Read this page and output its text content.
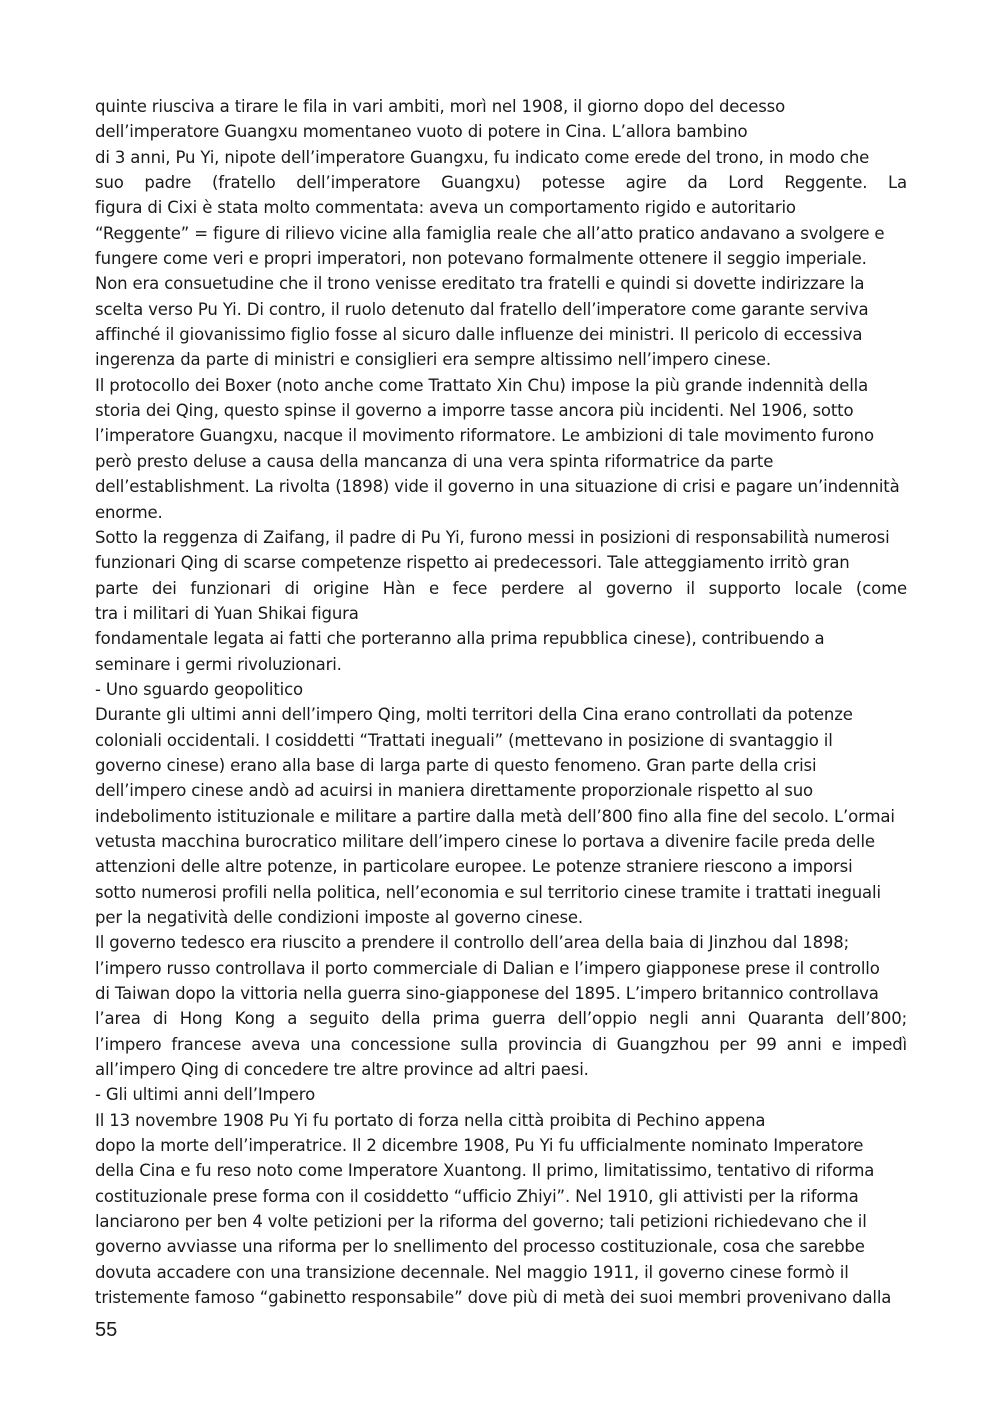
quinte riusciva a tirare le fila in vari ambiti, morì nel 1908, il giorno dopo del decesso
dell’imperatore Guangxu momentaneo vuoto di potere in Cina. L’allora bambino
di 3 anni, Pu Yi, nipote dell’imperatore Guangxu, fu indicato come erede del trono, in modo che
suo padre (fratello dell’imperatore Guangxu) potesse agire da Lord Reggente. La
figura di Cixi è stata molto commentata: aveva un comportamento rigido e autoritario
“Reggente” = figure di rilievo vicine alla famiglia reale che all’atto pratico andavano a svolgere e
fungere come veri e propri imperatori, non potevano formalmente ottenere il seggio imperiale.
Non era consuetudine che il trono venisse ereditato tra fratelli e quindi si dovette indirizzare la
scelta verso Pu Yi. Di contro, il ruolo detenuto dal fratello dell’imperatore come garante serviva
affinché il giovanissimo figlio fosse al sicuro dalle influenze dei ministri. Il pericolo di eccessiva
ingerenza da parte di ministri e consiglieri era sempre altissimo nell’impero cinese.
Il protocollo dei Boxer (noto anche come Trattato Xin Chu) impose la più grande indennità della
storia dei Qing, questo spinse il governo a imporre tasse ancora più incidenti. Nel 1906, sotto
l’imperatore Guangxu, nacque il movimento riformatore. Le ambizioni di tale movimento furono
però presto deluse a causa della mancanza di una vera spinta riformatrice da parte
dell’establishment. La rivolta (1898) vide il governo in una situazione di crisi e pagare un’indennità
enorme.
Sotto la reggenza di Zaifang, il padre di Pu Yi, furono messi in posizioni di responsabilità numerosi
funzionari Qing di scarse competenze rispetto ai predecessori. Tale atteggiamento irritò gran
parte dei funzionari di origine Hàn e fece perdere al governo il supporto locale (come
tra i militari di Yuan Shikai figura
fondamentale legata ai fatti che porteranno alla prima repubblica cinese), contribuendo a
seminare i germi rivoluzionari.
- Uno sguardo geopolitico
Durante gli ultimi anni dell’impero Qing, molti territori della Cina erano controllati da potenze
coloniali occidentali. I cosiddetti “Trattati ineguali” (mettevano in posizione di svantaggio il
governo cinese) erano alla base di larga parte di questo fenomeno. Gran parte della crisi
dell’impero cinese andò ad acuirsi in maniera direttamente proporzionale rispetto al suo
indebolimento istituzionale e militare a partire dalla metà dell’800 fino alla fine del secolo. L’ormai
vetusta macchina burocratico militare dell’impero cinese lo portava a divenire facile preda delle
attenzioni delle altre potenze, in particolare europee. Le potenze straniere riescono a imporsi
sotto numerosi profili nella politica, nell’economia e sul territorio cinese tramite i trattati ineguali
per la negatività delle condizioni imposte al governo cinese.
Il governo tedesco era riuscito a prendere il controllo dell’area della baia di Jinzhou dal 1898;
l’impero russo controllava il porto commerciale di Dalian e l’impero giapponese prese il controllo
di Taiwan dopo la vittoria nella guerra sino-giapponese del 1895. L’impero britannico controllava
l’area di Hong Kong a seguito della prima guerra dell’oppio negli anni Quaranta dell’800;
l’impero francese aveva una concessione sulla provincia di Guangzhou per 99 anni e impedì
all’impero Qing di concedere tre altre province ad altri paesi.
- Gli ultimi anni dell’Impero
Il 13 novembre 1908 Pu Yi fu portato di forza nella città proibita di Pechino appena
dopo la morte dell’imperatrice. Il 2 dicembre 1908, Pu Yi fu ufficialmente nominato Imperatore
della Cina e fu reso noto come Imperatore Xuantong. Il primo, limitatissimo, tentativo di riforma
costituzionale prese forma con il cosiddetto “ufficio Zhiyi”. Nel 1910, gli attivisti per la riforma
lanciarono per ben 4 volte petizioni per la riforma del governo; tali petizioni richiedevano che il
governo avviasse una riforma per lo snellimento del processo costituzionale, cosa che sarebbe
dovuta accadere con una transizione decennale. Nel maggio 1911, il governo cinese formò il
tristemente famoso “gabinetto responsabile” dove più di metà dei suoi membri provenivano dalla
55
